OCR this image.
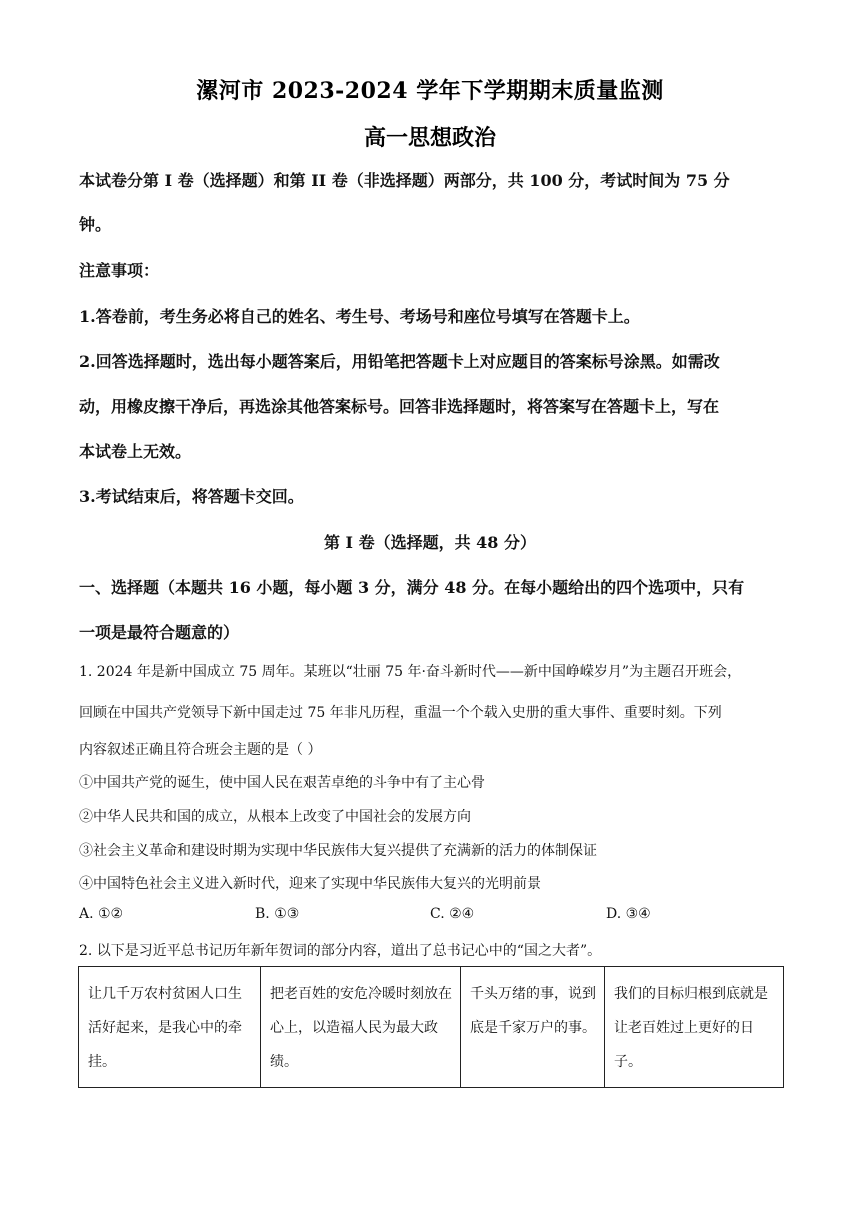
漯河市 2023-2024 学年下学期期末质量监测
高一思想政治
本试卷分第 I 卷（选择题）和第 II 卷（非选择题）两部分，共 100 分，考试时间为 75 分
钟。
注意事项：
1.答卷前，考生务必将自己的姓名、考生号、考场号和座位号填写在答题卡上。
2.回答选择题时，选出每小题答案后，用铅笔把答题卡上对应题目的答案标号涂黑。如需改
动，用橡皮擦干净后，再选涂其他答案标号。回答非选择题时，将答案写在答题卡上，写在
本试卷上无效。
3.考试结束后，将答题卡交回。
第 I 卷（选择题，共 48 分）
一、选择题（本题共 16 小题，每小题 3 分，满分 48 分。在每小题给出的四个选项中，只有
一项是最符合题意的）
1. 2024 年是新中国成立 75 周年。某班以“壮丽 75 年·奋斗新时代——新中国峥嵘岁月”为主题召开班会，
回顾在中国共产党领导下新中国走过 75 年非凡历程，重温一个个载入史册的重大事件、重要时刻。下列
内容叙述正确且符合班会主题的是（ ）
①中国共产党的诞生，使中国人民在艰苦卓绝的斗争中有了主心骨
②中华人民共和国的成立，从根本上改变了中国社会的发展方向
③社会主义革命和建设时期为实现中华民族伟大复兴提供了充满新的活力的体制保证
④中国特色社会主义进入新时代，迎来了实现中华民族伟大复兴的光明前景
A. ①②	B. ①③	C. ②④	D. ③④
2. 以下是习近平总书记历年新年贺词的部分内容，道出了总书记心中的“国之大者”。
让几千万农村贫困人口生活好起来，是我心中的牵挂。	把老百姓的安危冷暖时刻放在心上，以造福人民为最大政绩。	千头万绪的事，说到底是千家万户的事。	我们的目标归根到底就是让老百姓过上更好的日子。
